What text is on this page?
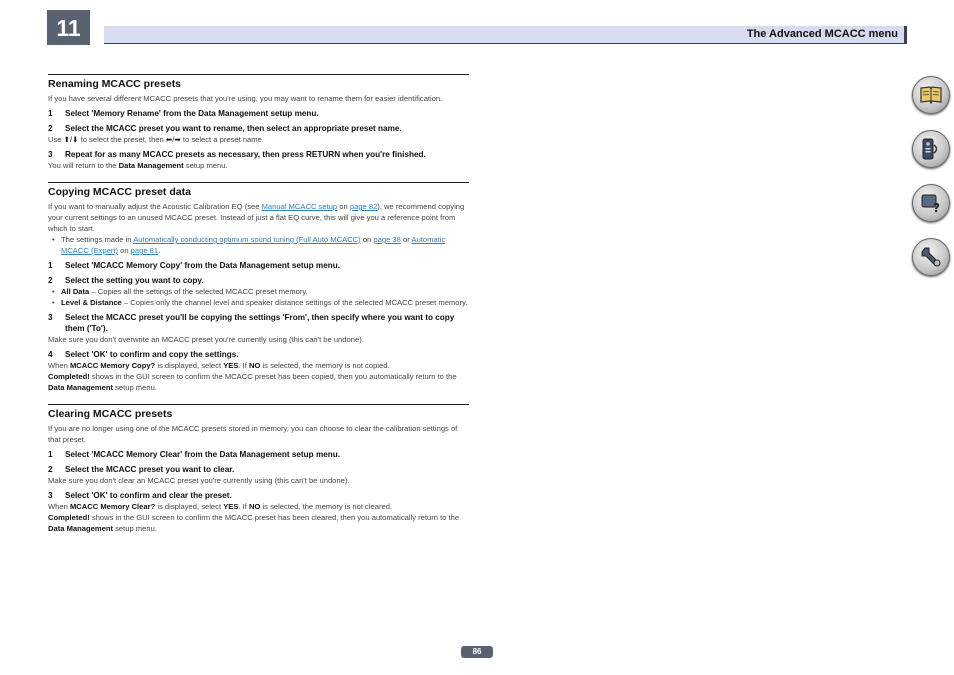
11	The Advanced MCACC menu
Renaming MCACC presets
If you have several different MCACC presets that you're using, you may want to rename them for easier identification.
1	Select 'Memory Rename' from the Data Management setup menu.
2	Select the MCACC preset you want to rename, then select an appropriate preset name.
Use ⬆/⬇ to select the preset, then ⬅/➡ to select a preset name.
3	Repeat for as many MCACC presets as necessary, then press RETURN when you're finished.
You will return to the Data Management setup menu.
Copying MCACC preset data
If you want to manually adjust the Acoustic Calibration EQ (see Manual MCACC setup on page 82), we recommend copying your current settings to an unused MCACC preset. Instead of just a flat EQ curve, this will give you a reference point from which to start.
• The settings made in Automatically conducting optimum sound tuning (Full Auto MCACC) on page 38 or Automatic MCACC (Expert) on page 81.
1	Select 'MCACC Memory Copy' from the Data Management setup menu.
2	Select the setting you want to copy.
• All Data – Copies all the settings of the selected MCACC preset memory.
• Level & Distance – Copies only the channel level and speaker distance settings of the selected MCACC preset memory.
3	Select the MCACC preset you'll be copying the settings 'From', then specify where you want to copy them ('To').
Make sure you don't overwrite an MCACC preset you're currently using (this can't be undone).
4	Select 'OK' to confirm and copy the settings.
When MCACC Memory Copy? is displayed, select YES. If NO is selected, the memory is not copied.
Completed! shows in the GUI screen to confirm the MCACC preset has been copied, then you automatically return to the Data Management setup menu.
Clearing MCACC presets
If you are no longer using one of the MCACC presets stored in memory, you can choose to clear the calibration settings of that preset.
1	Select 'MCACC Memory Clear' from the Data Management setup menu.
2	Select the MCACC preset you want to clear.
Make sure you don't clear an MCACC preset you're currently using (this can't be undone).
3	Select 'OK' to confirm and clear the preset.
When MCACC Memory Clear? is displayed, select YES. If NO is selected, the memory is not cleared.
Completed! shows in the GUI screen to confirm the MCACC preset has been cleared, then you automatically return to the Data Management setup menu.
?
86
